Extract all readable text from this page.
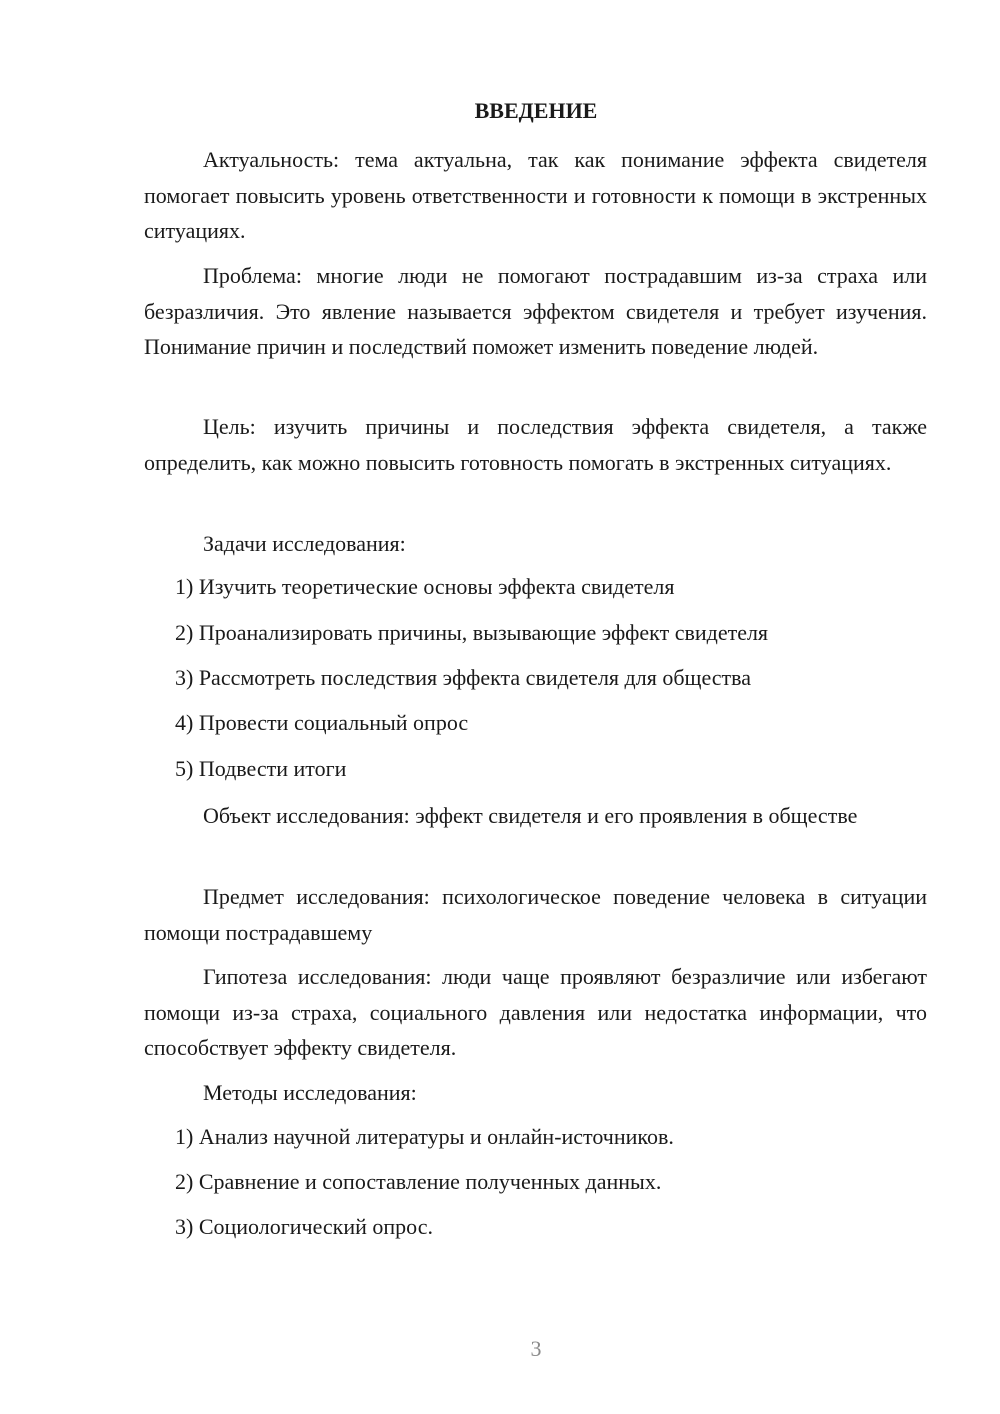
ВВЕДЕНИЕ

Актуальность: тема актуальна, так как понимание эффекта свидетеля помогает повысить уровень ответственности и готовности к помощи в экстренных ситуациях.

Проблема: многие люди не помогают пострадавшим из-за страха или безразличия. Это явление называется эффектом свидетеля и требует изучения. Понимание причин и последствий поможет изменить поведение людей.

Цель: изучить причины и последствия эффекта свидетеля, а также определить, как можно повысить готовность помогать в экстренных ситуациях.

Задачи исследования:

1) Изучить теоретические основы эффекта свидетеля

2) Проанализировать причины, вызывающие эффект свидетеля

3) Рассмотреть последствия эффекта свидетеля для общества

4) Провести социальный опрос

5) Подвести итоги

Объект исследования: эффект свидетеля и его проявления в обществе

Предмет исследования: психологическое поведение человека в ситуации помощи пострадавшему

Гипотеза исследования: люди чаще проявляют безразличие или избегают помощи из-за страха, социального давления или недостатка информации, что способствует эффекту свидетеля.

Методы исследования:

1) Анализ научной литературы и онлайн-источников.

2) Сравнение и сопоставление полученных данных.

3) Социологический опрос.

3
